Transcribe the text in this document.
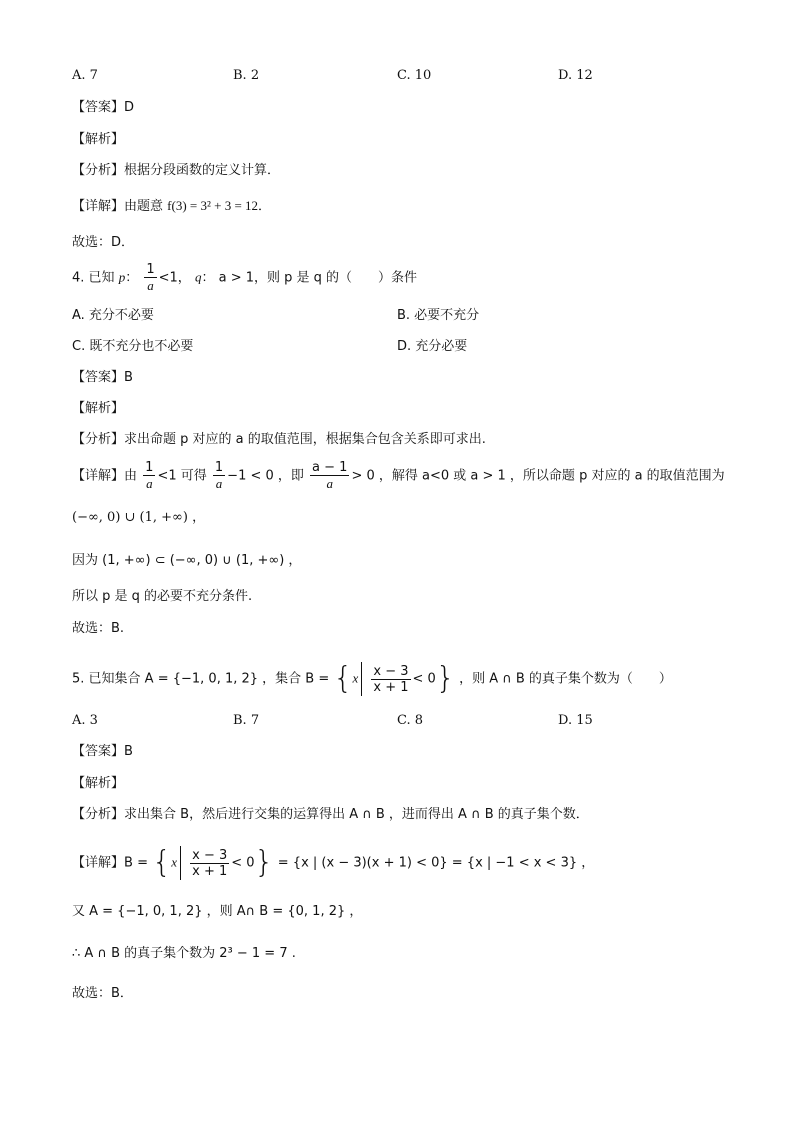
A. 7	B. 2	C. 10	D. 12
【答案】D
【解析】
【分析】根据分段函数的定义计算．
【详解】由题意 f(3) = 3² + 3 = 12．
故选：D．
4. 已知 p： $\frac{1}{a} <1$， q： a > 1，则 p 是 q 的（　　）条件
A. 充分不必要	B. 必要不充分
C. 既不充分也不必要	D. 充分必要
【答案】B
【解析】
【分析】求出命题 p 对应的 a 的取值范围，根据集合包含关系即可求出.
【详解】由 $\frac{1}{a} <1$ 可得 $\frac{1}{a} -1 < 0$ ，即 $\frac{a - 1}{a} > 0$ ，解得 a<0 或 a > 1 ，所以命题 p 对应的 a 的取值范围为
(−∞, 0) ∪ (1, +∞) ，
因为 (1, +∞) ⊂ (−∞, 0) ∪ (1, +∞) ，
所以 p 是 q 的必要不充分条件.
故选：B.
5. 已知集合 A = {−1, 0, 1, 2} ，集合 $B = \{x \frac{x - 3}{x + 1} < 0\}$ ，则 A ∩ B 的真子集个数为（　　）
A. 3	B. 7	C. 8	D. 15
【答案】B
【解析】
【分析】求出集合 B，然后进行交集的运算得出 A ∩ B ，进而得出 A ∩ B 的真子集个数．
【详解】$B = \{x \frac{x - 3}{x + 1} < 0\} = \{x$ | (x − 3)(x + 1) < 0} = {x | −1 < x < 3} ，
又 A = {−1, 0, 1, 2} ，则 A∩ B = {0, 1, 2} ，
∴ A ∩ B 的真子集个数为 2³ − 1 = 7 .
故选：B．
